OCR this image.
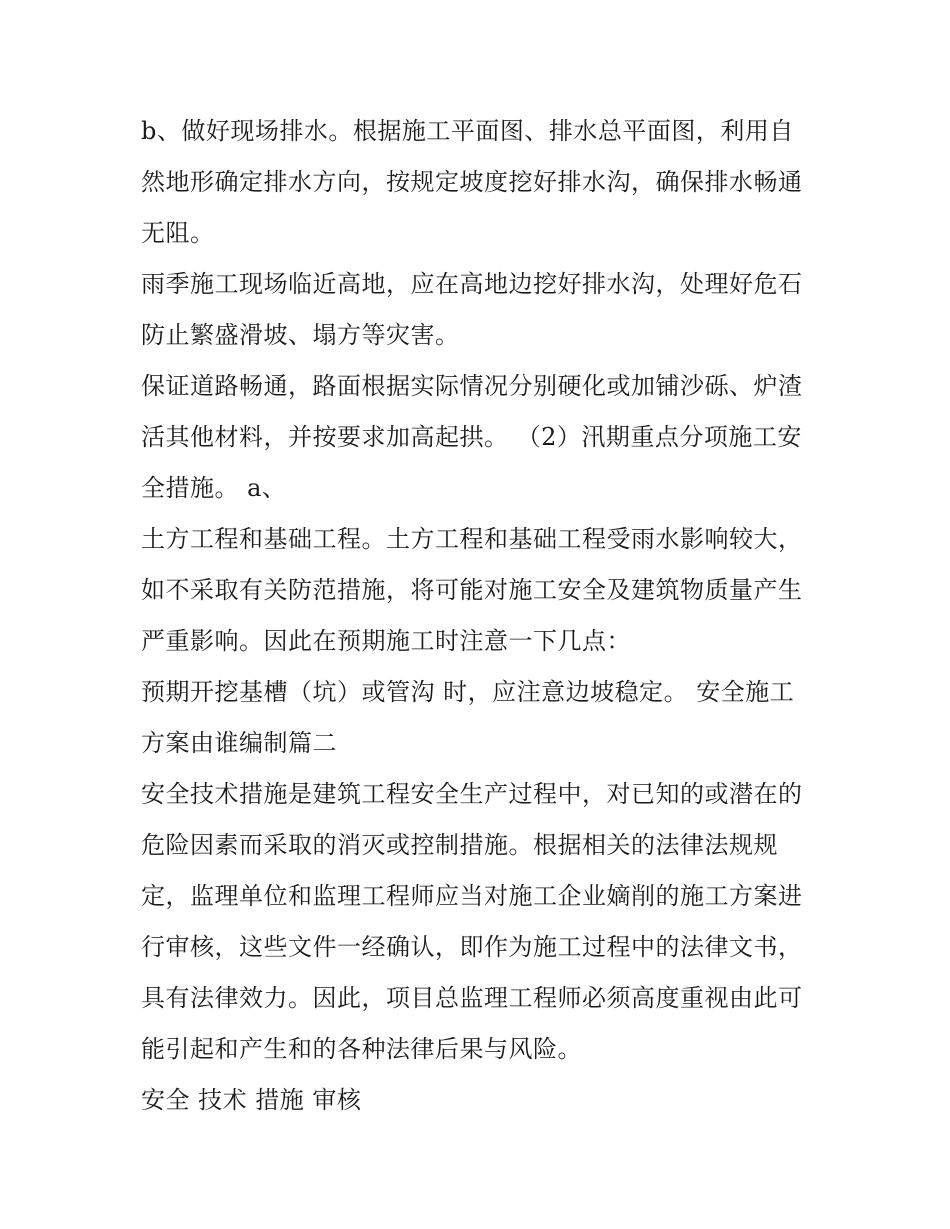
b、做好现场排水。根据施工平面图、排水总平面图，利用自
然地形确定排水方向，按规定坡度挖好排水沟，确保排水畅通
无阻。
雨季施工现场临近高地，应在高地边挖好排水沟，处理好危石
防止繁盛滑坡、塌方等灾害。
保证道路畅通，路面根据实际情况分别硬化或加铺沙砾、炉渣
活其他材料，并按要求加高起拱。 （2）汛期重点分项施工安
全措施。 a、
土方工程和基础工程。土方工程和基础工程受雨水影响较大，
如不采取有关防范措施，将可能对施工安全及建筑物质量产生
严重影响。因此在预期施工时注意一下几点：
预期开挖基槽（坑）或管沟 时，应注意边坡稳定。 安全施工
方案由谁编制篇二
安全技术措施是建筑工程安全生产过程中，对已知的或潜在的
危险因素而采取的消灭或控制措施。根据相关的法律法规规
定，监理单位和监理工程师应当对施工企业嫡削的施工方案进
行审核，这些文件一经确认，即作为施工过程中的法律文书，
具有法律效力。因此，项目总监理工程师必须高度重视由此可
能引起和产生和的各种法律后果与风险。
安全 技术 措施 审核
